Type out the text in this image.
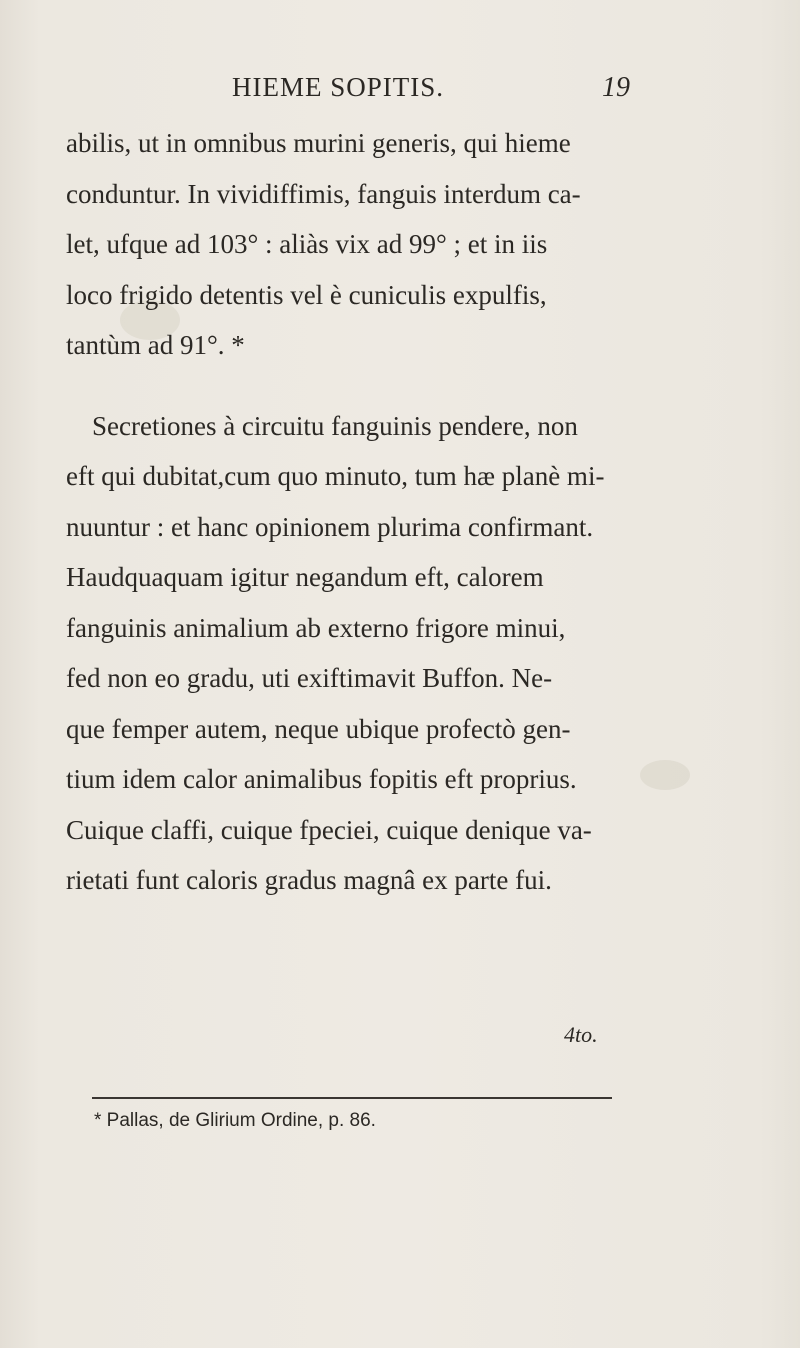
HIEME SOPITIS.	19
abilis, ut in omnibus murini generis, qui hieme
conduntur. In vividiffimis, fanguis interdum ca-
let, ufque ad 103° : aliàs vix ad 99° ; et in iis
loco frigido detentis vel è cuniculis expulfis,
tantùm ad 91°. *
Secretiones à circuitu fanguinis pendere, non
eft qui dubitat,cum quo minuto, tum hæ planè mi-
nuuntur : et hanc opinionem plurima confirmant.
Haudquaquam igitur negandum eft, calorem
fanguinis animalium ab externo frigore minui,
fed non eo gradu, uti exiftimavit Buffon. Ne-
que femper autem, neque ubique profectò gen-
tium idem calor animalibus fopitis eft proprius.
Cuique claffi, cuique fpeciei, cuique denique va-
rietati funt caloris gradus magnâ ex parte fui.
4to.
* Pallas, de Glirium Ordine, p. 86.
